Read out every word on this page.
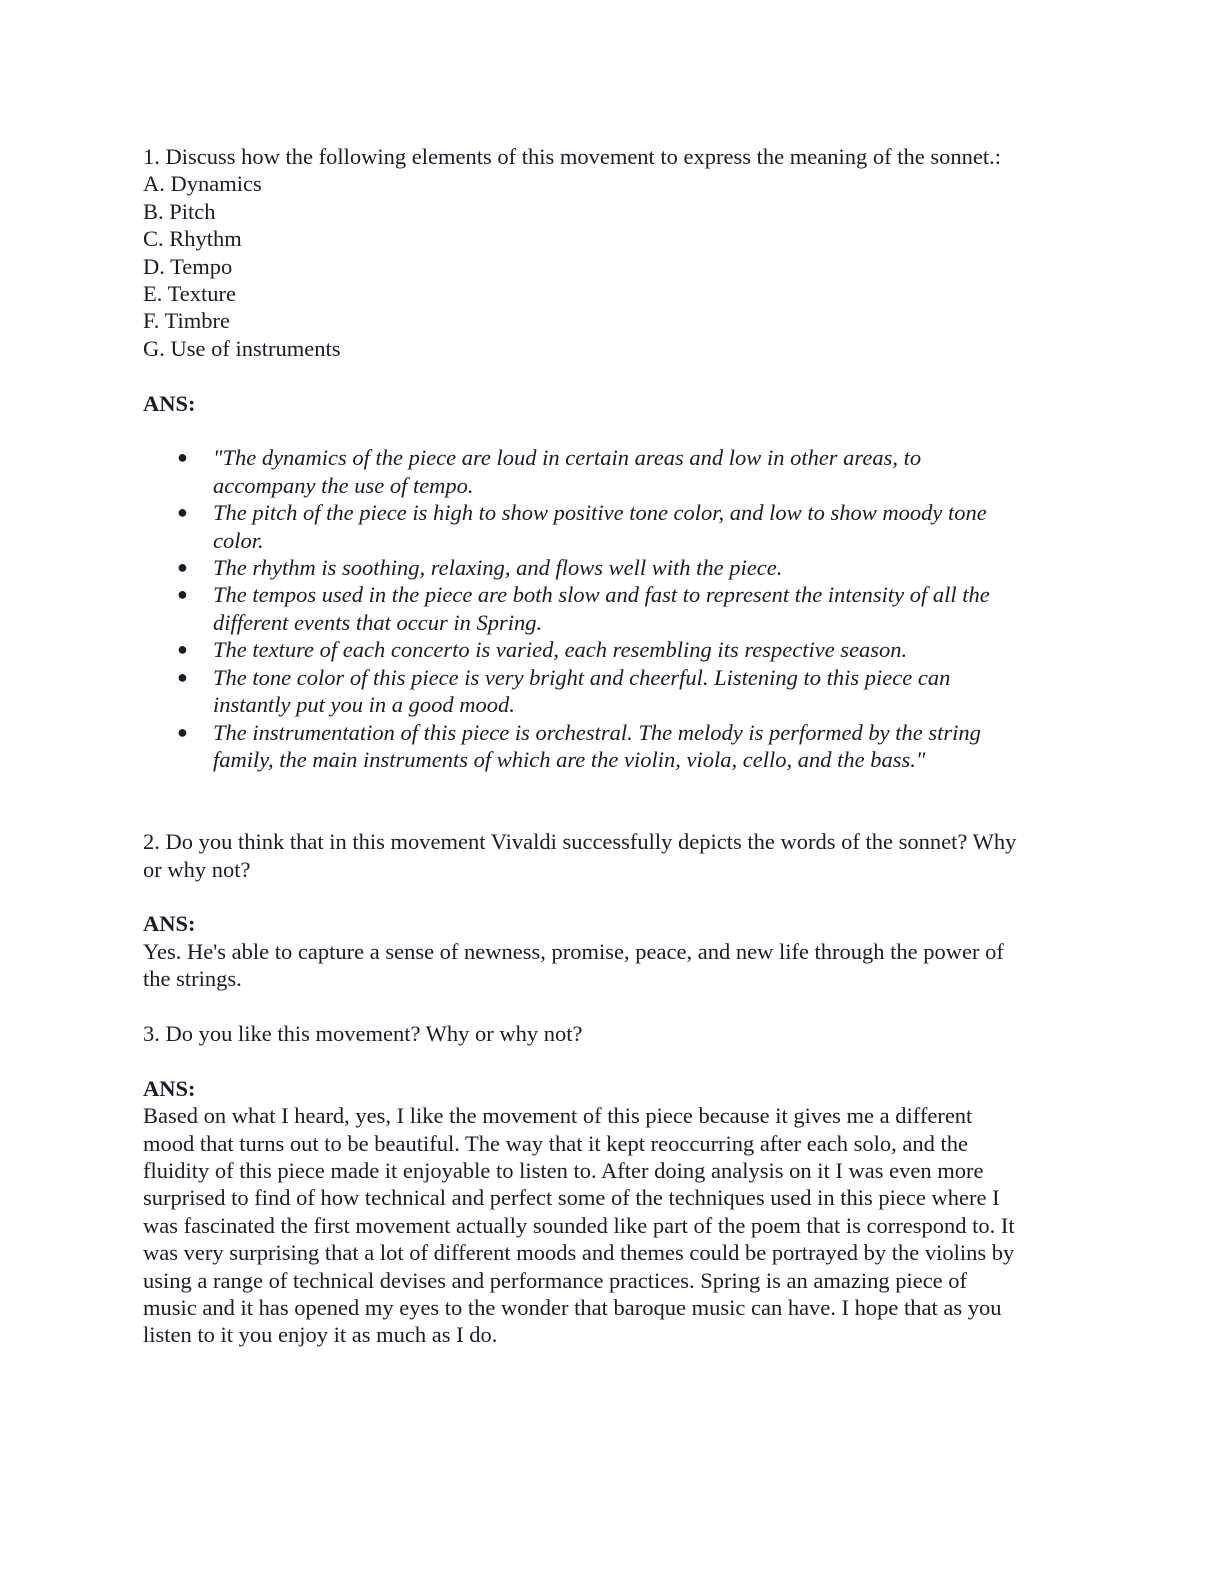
1. Discuss how the following elements of this movement to express the meaning of the sonnet.:
A. Dynamics
B. Pitch
C. Rhythm
D. Tempo
E. Texture
F. Timbre
G. Use of instruments
ANS:
● "The dynamics of the piece are loud in certain areas and low in other areas, to
accompany the use of tempo.
● The pitch of the piece is high to show positive tone color, and low to show moody tone
color.
● The rhythm is soothing, relaxing, and flows well with the piece.
● The tempos used in the piece are both slow and fast to represent the intensity of all the
different events that occur in Spring.
● The texture of each concerto is varied, each resembling its respective season.
● The tone color of this piece is very bright and cheerful. Listening to this piece can
instantly put you in a good mood.
● The instrumentation of this piece is orchestral. The melody is performed by the string
family, the main instruments of which are the violin, viola, cello, and the bass."
2. Do you think that in this movement Vivaldi successfully depicts the words of the sonnet? Why
or why not?
ANS:
Yes. He's able to capture a sense of newness, promise, peace, and new life through the power of
the strings.
3. Do you like this movement? Why or why not?
ANS:
Based on what I heard, yes, I like the movement of this piece because it gives me a different
mood that turns out to be beautiful. The way that it kept reoccurring after each solo, and the
fluidity of this piece made it enjoyable to listen to. After doing analysis on it I was even more
surprised to find of how technical and perfect some of the techniques used in this piece where I
was fascinated the first movement actually sounded like part of the poem that is correspond to. It
was very surprising that a lot of different moods and themes could be portrayed by the violins by
using a range of technical devises and performance practices. Spring is an amazing piece of
music and it has opened my eyes to the wonder that baroque music can have. I hope that as you
listen to it you enjoy it as much as I do.
